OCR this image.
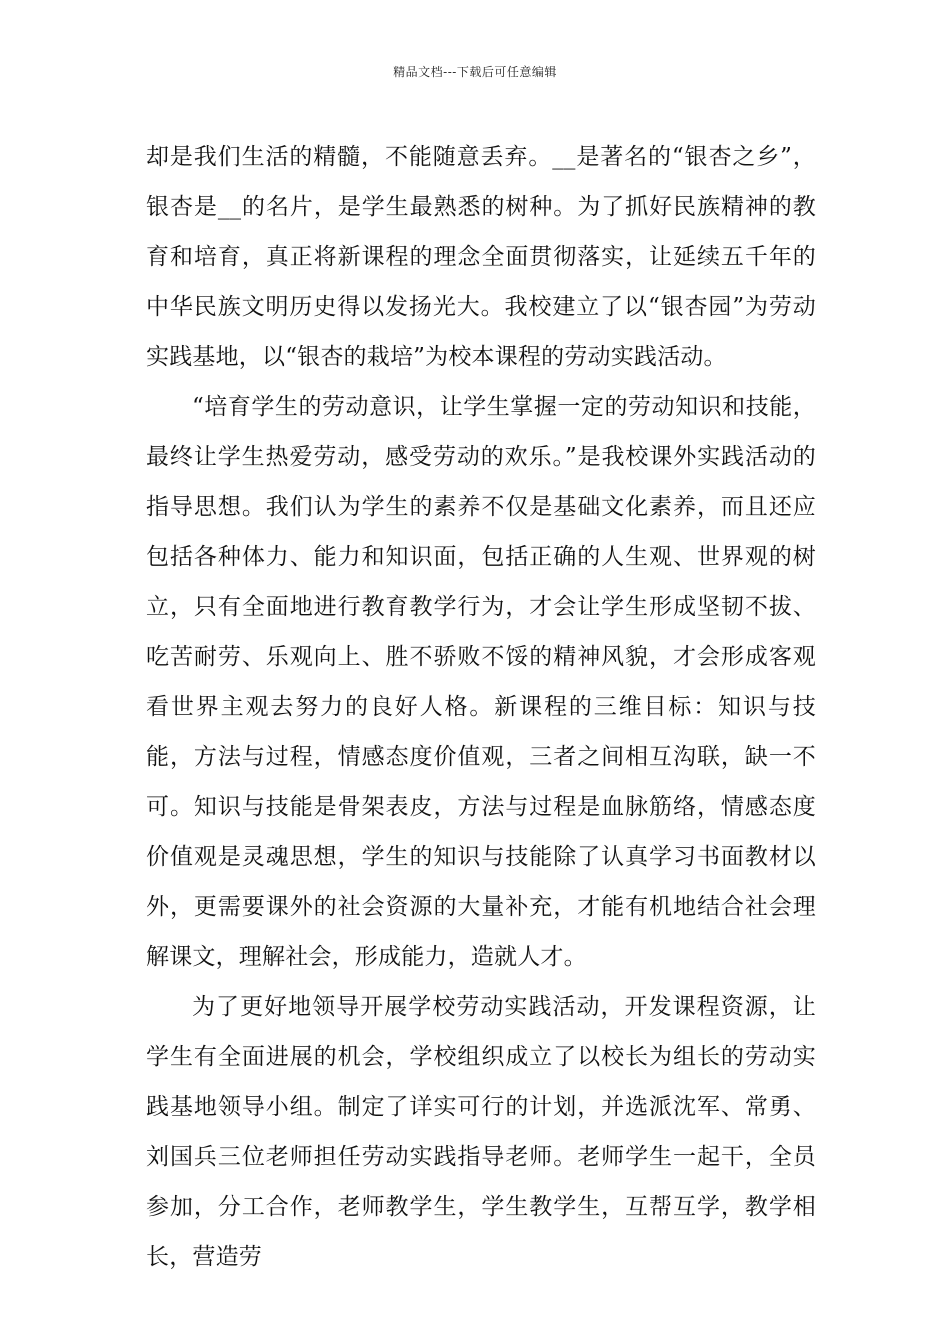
精品文档---下载后可任意编辑

却是我们生活的精髓，不能随意丢弃。__是著名的“银杏之乡”，银杏是__的名片，是学生最熟悉的树种。为了抓好民族精神的教育和培育，真正将新课程的理念全面贯彻落实，让延续五千年的中华民族文明历史得以发扬光大。我校建立了以“银杏园”为劳动实践基地，以“银杏的栽培”为校本课程的劳动实践活动。

“培育学生的劳动意识，让学生掌握一定的劳动知识和技能，最终让学生热爱劳动，感受劳动的欢乐。”是我校课外实践活动的指导思想。我们认为学生的素养不仅是基础文化素养，而且还应包括各种体力、能力和知识面，包括正确的人生观、世界观的树立，只有全面地进行教育教学行为，才会让学生形成坚韧不拔、吃苦耐劳、乐观向上、胜不骄败不馁的精神风貌，才会形成客观看世界主观去努力的良好人格。新课程的三维目标：知识与技能，方法与过程，情感态度价值观，三者之间相互沟联，缺一不可。知识与技能是骨架表皮，方法与过程是血脉筋络，情感态度价值观是灵魂思想，学生的知识与技能除了认真学习书面教材以外，更需要课外的社会资源的大量补充，才能有机地结合社会理解课文，理解社会，形成能力，造就人才。

为了更好地领导开展学校劳动实践活动，开发课程资源，让学生有全面进展的机会，学校组织成立了以校长为组长的劳动实践基地领导小组。制定了详实可行的计划，并选派沈军、常勇、刘国兵三位老师担任劳动实践指导老师。老师学生一起干，全员参加，分工合作，老师教学生，学生教学生，互帮互学，教学相长，营造劳
